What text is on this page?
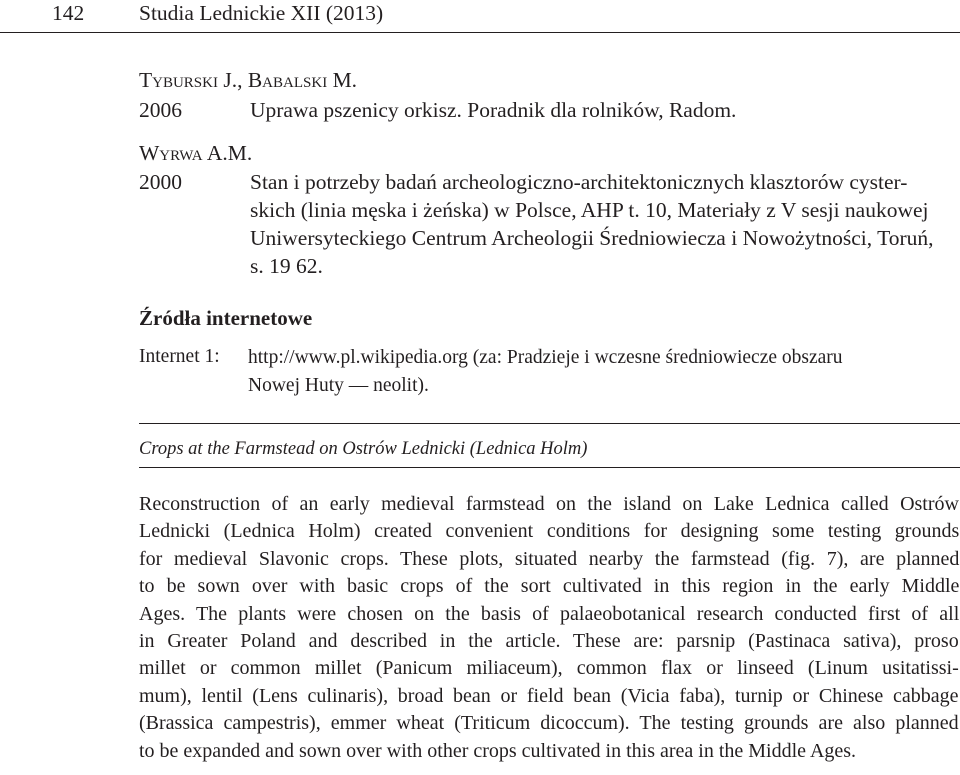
142	Studia Lednickie XII (2013)
Tyburski J., Babalski M.
2006	Uprawa pszenicy orkisz. Poradnik dla rolników, Radom.
Wyrwa A.M.
2000	Stan i potrzeby badań archeologiczno-architektonicznych klasztorów cyster-
skich (linia męska i żeńska) w Polsce, AHP t. 10, Materiały z V sesji naukowej
Uniwersyteckiego Centrum Archeologii Średniowiecza i Nowożytności, Toruń,
s. 19 62.
Źródła internetowe
Internet 1: http://www.pl.wikipedia.org (za: Pradzieje i wczesne średniowiecze obszaru
Nowej Huty — neolit).
Crops at the Farmstead on Ostrów Lednicki (Lednica Holm)
Reconstruction of an early medieval farmstead on the island on Lake Lednica called Ostrów
Lednicki (Lednica Holm) created convenient conditions for designing some testing grounds
for medieval Slavonic crops. These plots, situated nearby the farmstead (fig. 7), are planned
to be sown over with basic crops of the sort cultivated in this region in the early Middle
Ages. The plants were chosen on the basis of palaeobotanical research conducted first of all
in Greater Poland and described in the article. These are: parsnip (Pastinaca sativa), proso
millet or common millet (Panicum miliaceum), common flax or linseed (Linum usitatissi-
mum), lentil (Lens culinaris), broad bean or field bean (Vicia faba), turnip or Chinese cabbage
(Brassica campestris), emmer wheat (Triticum dicoccum). The testing grounds are also planned
to be expanded and sown over with other crops cultivated in this area in the Middle Ages.
